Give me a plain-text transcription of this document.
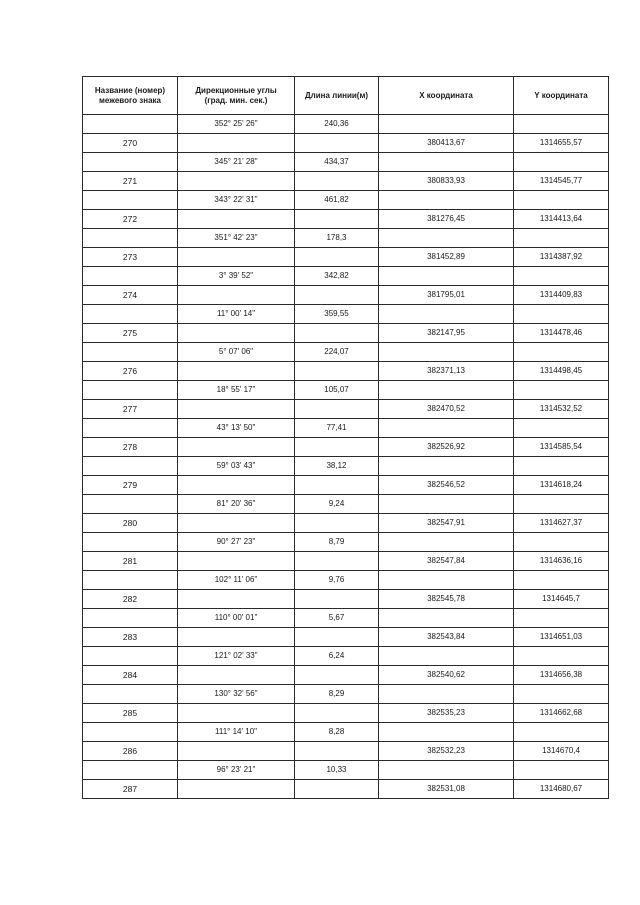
Название (номер) межевого знака	Дирекционные углы (град. мин. сек.)	Длина линии(м)	X координата	Y координата
	352° 25' 26"	240,36		
270			380413,67	1314655,57
	345° 21' 28"	434,37		
271			380833,93	1314545,77
	343° 22' 31"	461,82		
272			381276,45	1314413,64
	351° 42' 23"	178,3		
273			381452,89	1314387,92
	3° 39' 52"	342,82		
274			381795,01	1314409,83
	11° 00' 14"	359,55		
275			382147,95	1314478,46
	5° 07' 06"	224,07		
276			382371,13	1314498,45
	18° 55' 17"	105,07		
277			382470,52	1314532,52
	43° 13' 50"	77,41		
278			382526,92	1314585,54
	59° 03' 43"	38,12		
279			382546,52	1314618,24
	81° 20' 36"	9,24		
280			382547,91	1314627,37
	90° 27' 23"	8,79		
281			382547,84	1314636,16
	102° 11' 06"	9,76		
282			382545,78	1314645,7
	110° 00' 01"	5,67		
283			382543,84	1314651,03
	121° 02' 33"	6,24		
284			382540,62	1314656,38
	130° 32' 56"	8,29		
285			382535,23	1314662,68
	111° 14' 10"	8,28		
286			382532,23	1314670,4
	96° 23' 21"	10,33		
287			382531,08	1314680,67
